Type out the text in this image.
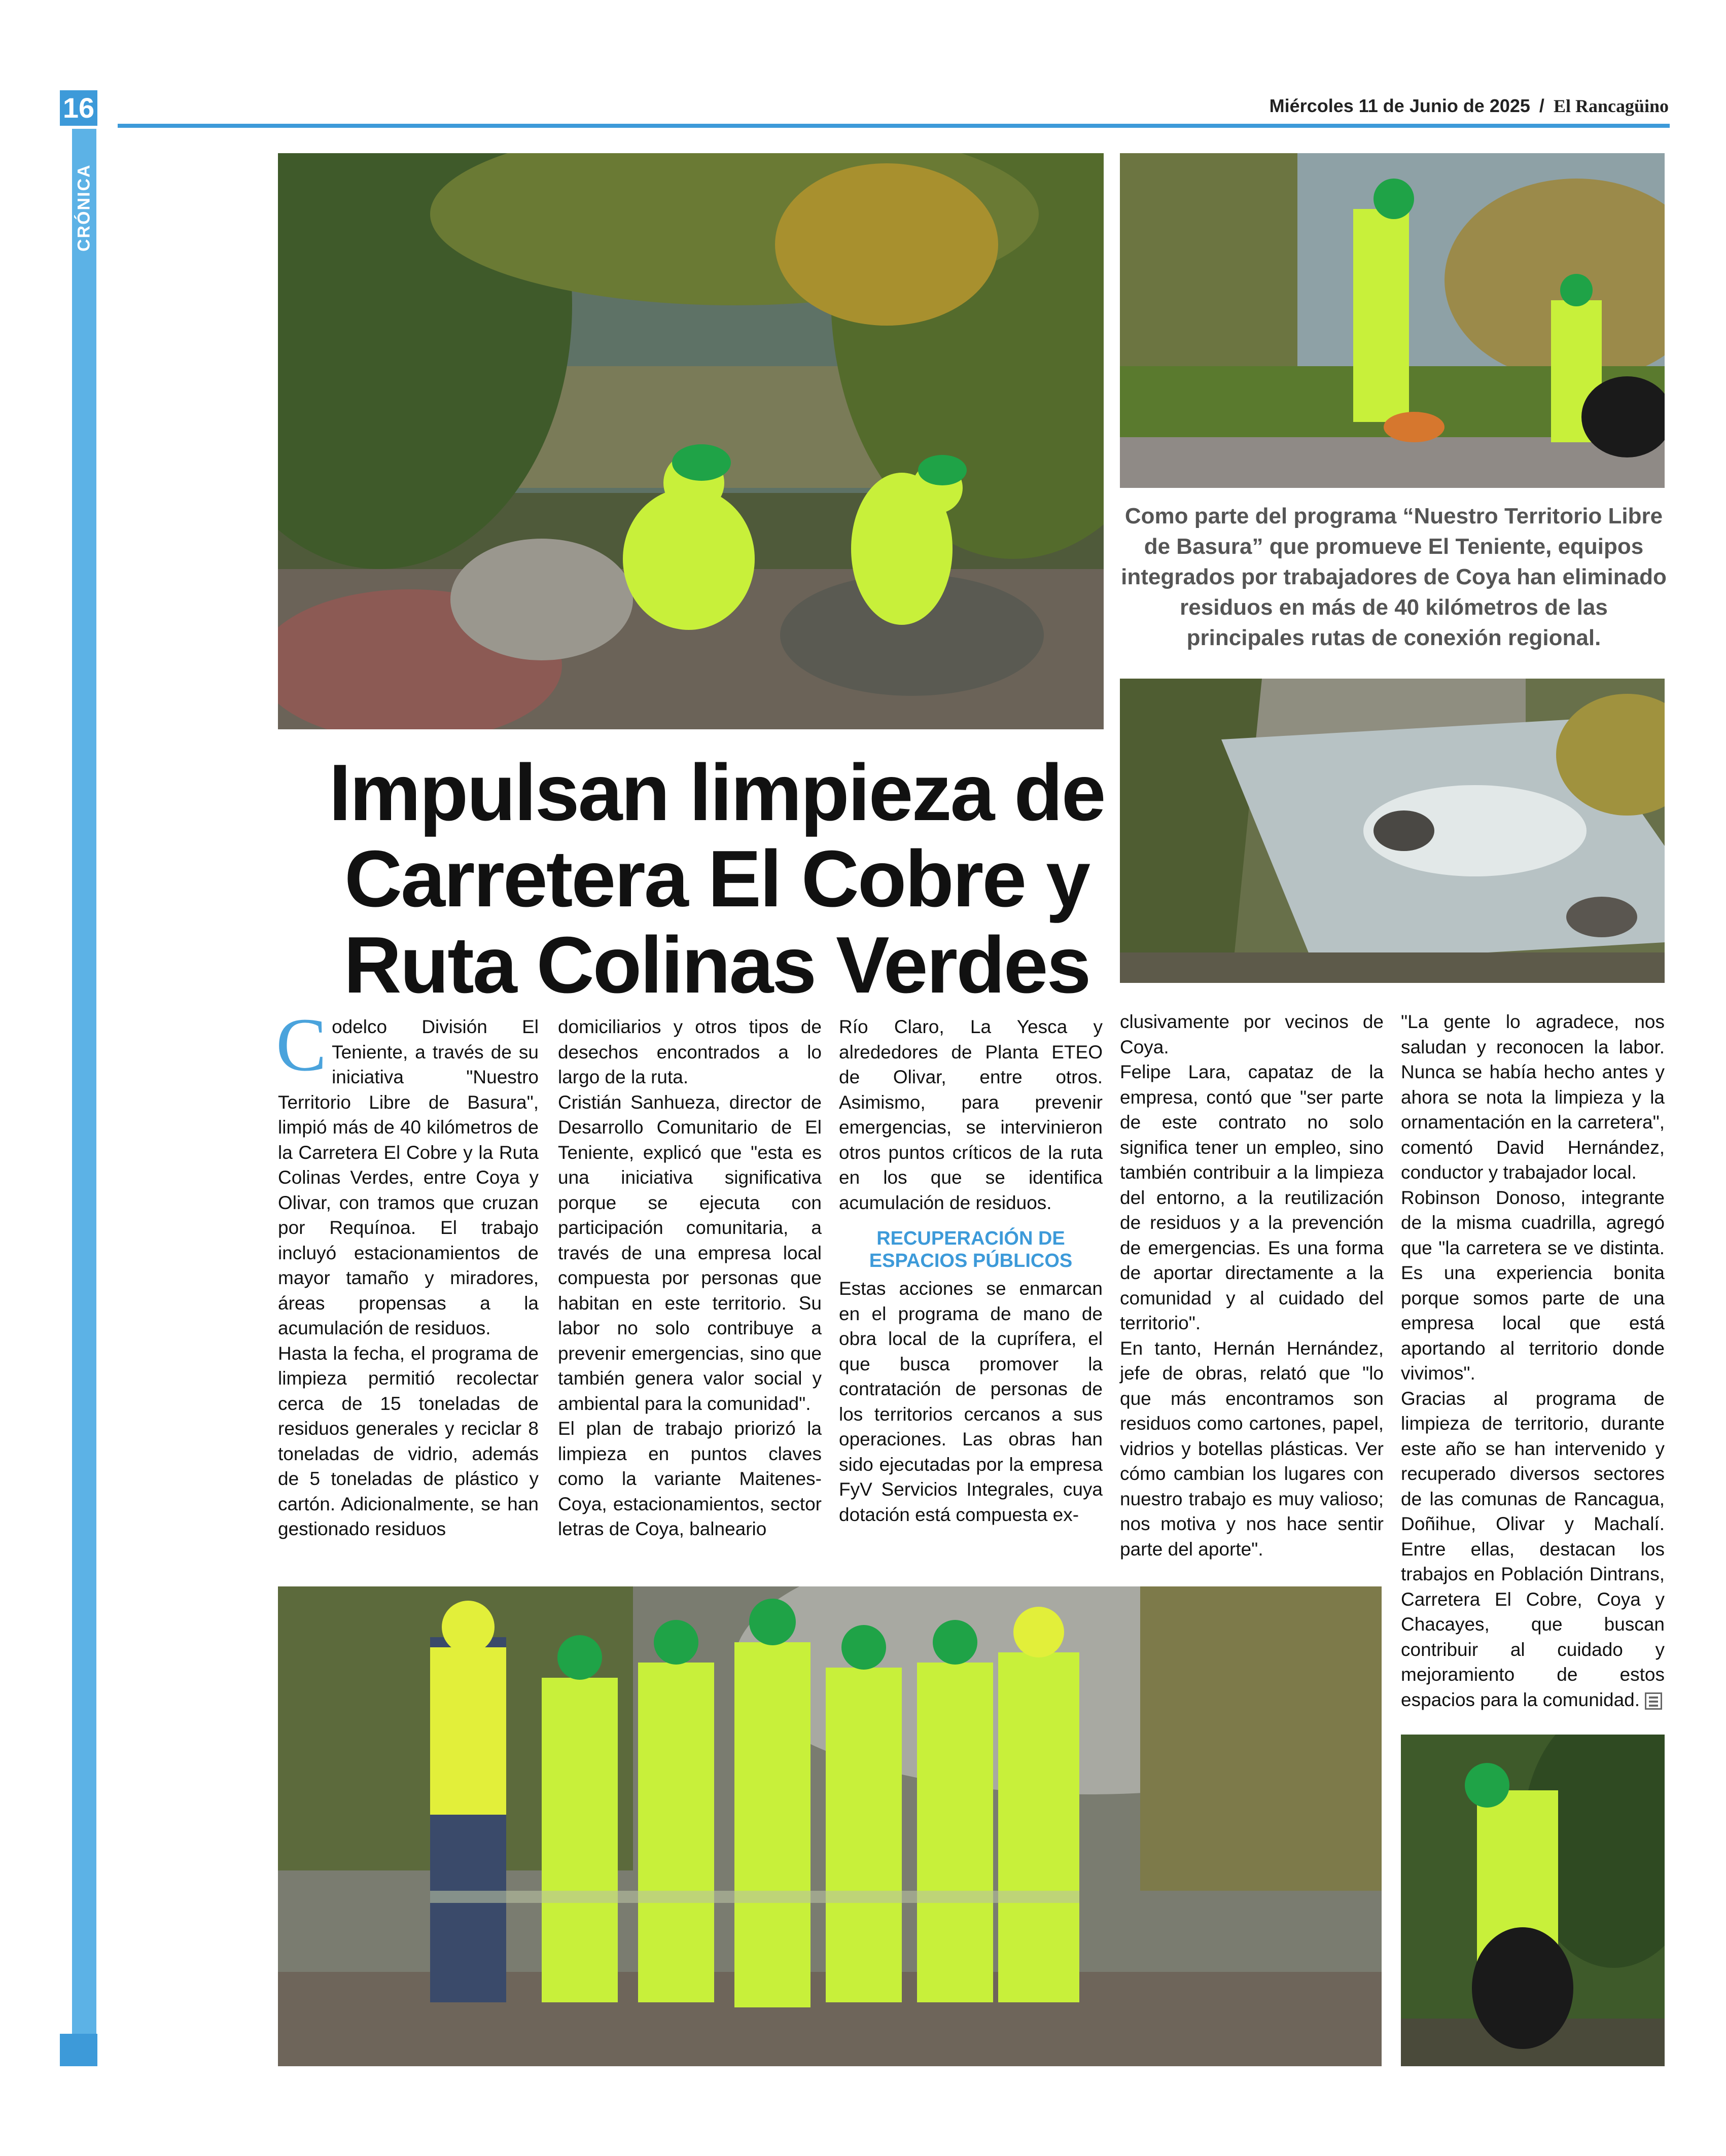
16
CRÓNICA
Miércoles 11 de Junio de 2025 / El Rancagüino
Como parte del programa “Nuestro Territorio Libre de Basura” que promueve El Teniente, equipos integrados por trabajadores de Coya han eliminado residuos en más de 40 kilómetros de las principales rutas de conexión regional.
Impulsan limpieza de Carretera El Cobre y Ruta Colinas Verdes

Codelco División El Teniente, a través de su iniciativa "Nuestro Territorio Libre de Basura", limpió más de 40 kilómetros de la Carretera El Cobre y la Ruta Colinas Verdes, entre Coya y Olivar, con tramos que cruzan por Requínoa. El trabajo incluyó estacionamientos de mayor tamaño y miradores, áreas propensas a la acumulación de residuos.

Hasta la fecha, el programa de limpieza permitió recolectar cerca de 15 toneladas de residuos generales y reciclar 8 toneladas de vidrio, además de 5 toneladas de plástico y cartón. Adicionalmente, se han gestionado residuos

domiciliarios y otros tipos de desechos encontrados a lo largo de la ruta.

Cristián Sanhueza, director de Desarrollo Comunitario de El Teniente, explicó que "esta es una iniciativa significativa porque se ejecuta con participación comunitaria, a través de una empresa local compuesta por personas que habitan en este territorio. Su labor no solo contribuye a prevenir emergencias, sino que también genera valor social y ambiental para la comunidad".

El plan de trabajo priorizó la limpieza en puntos claves como la variante Maitenes-Coya, estacionamientos, sector letras de Coya, balneario

Río Claro, La Yesca y alrededores de Planta ETEO de Olivar, entre otros. Asimismo, para prevenir emergencias, se intervinieron otros puntos críticos de la ruta en los que se identifica acumulación de residuos.

RECUPERACIÓN DE ESPACIOS PÚBLICOS

Estas acciones se enmarcan en el programa de mano de obra local de la cuprífera, el que busca promover la contratación de personas de los territorios cercanos a sus operaciones. Las obras han sido ejecutadas por la empresa FyV Servicios Integrales, cuya dotación está compuesta ex-

clusivamente por vecinos de Coya.

Felipe Lara, capataz de la empresa, contó que "ser parte de este contrato no solo significa tener un empleo, sino también contribuir a la limpieza del entorno, a la reutilización de residuos y a la prevención de emergencias. Es una forma de aportar directamente a la comunidad y al cuidado del territorio".

En tanto, Hernán Hernández, jefe de obras, relató que "lo que más encontramos son residuos como cartones, papel, vidrios y botellas plásticas. Ver cómo cambian los lugares con nuestro trabajo es muy valioso; nos motiva y nos hace sentir parte del aporte".

"La gente lo agradece, nos saludan y reconocen la labor. Nunca se había hecho antes y ahora se nota la limpieza y la ornamentación en la carretera", comentó David Hernández, conductor y trabajador local.

Robinson Donoso, integrante de la misma cuadrilla, agregó que "la carretera se ve distinta. Es una experiencia bonita porque somos parte de una empresa local que está aportando al territorio donde vivimos".

Gracias al programa de limpieza de territorio, durante este año se han intervenido y recuperado diversos sectores de las comunas de Rancagua, Doñihue, Olivar y Machalí. Entre ellas, destacan los trabajos en Población Dintrans, Carretera El Cobre, Coya y Chacayes, que buscan contribuir al cuidado y mejoramiento de estos espacios para la comunidad.
